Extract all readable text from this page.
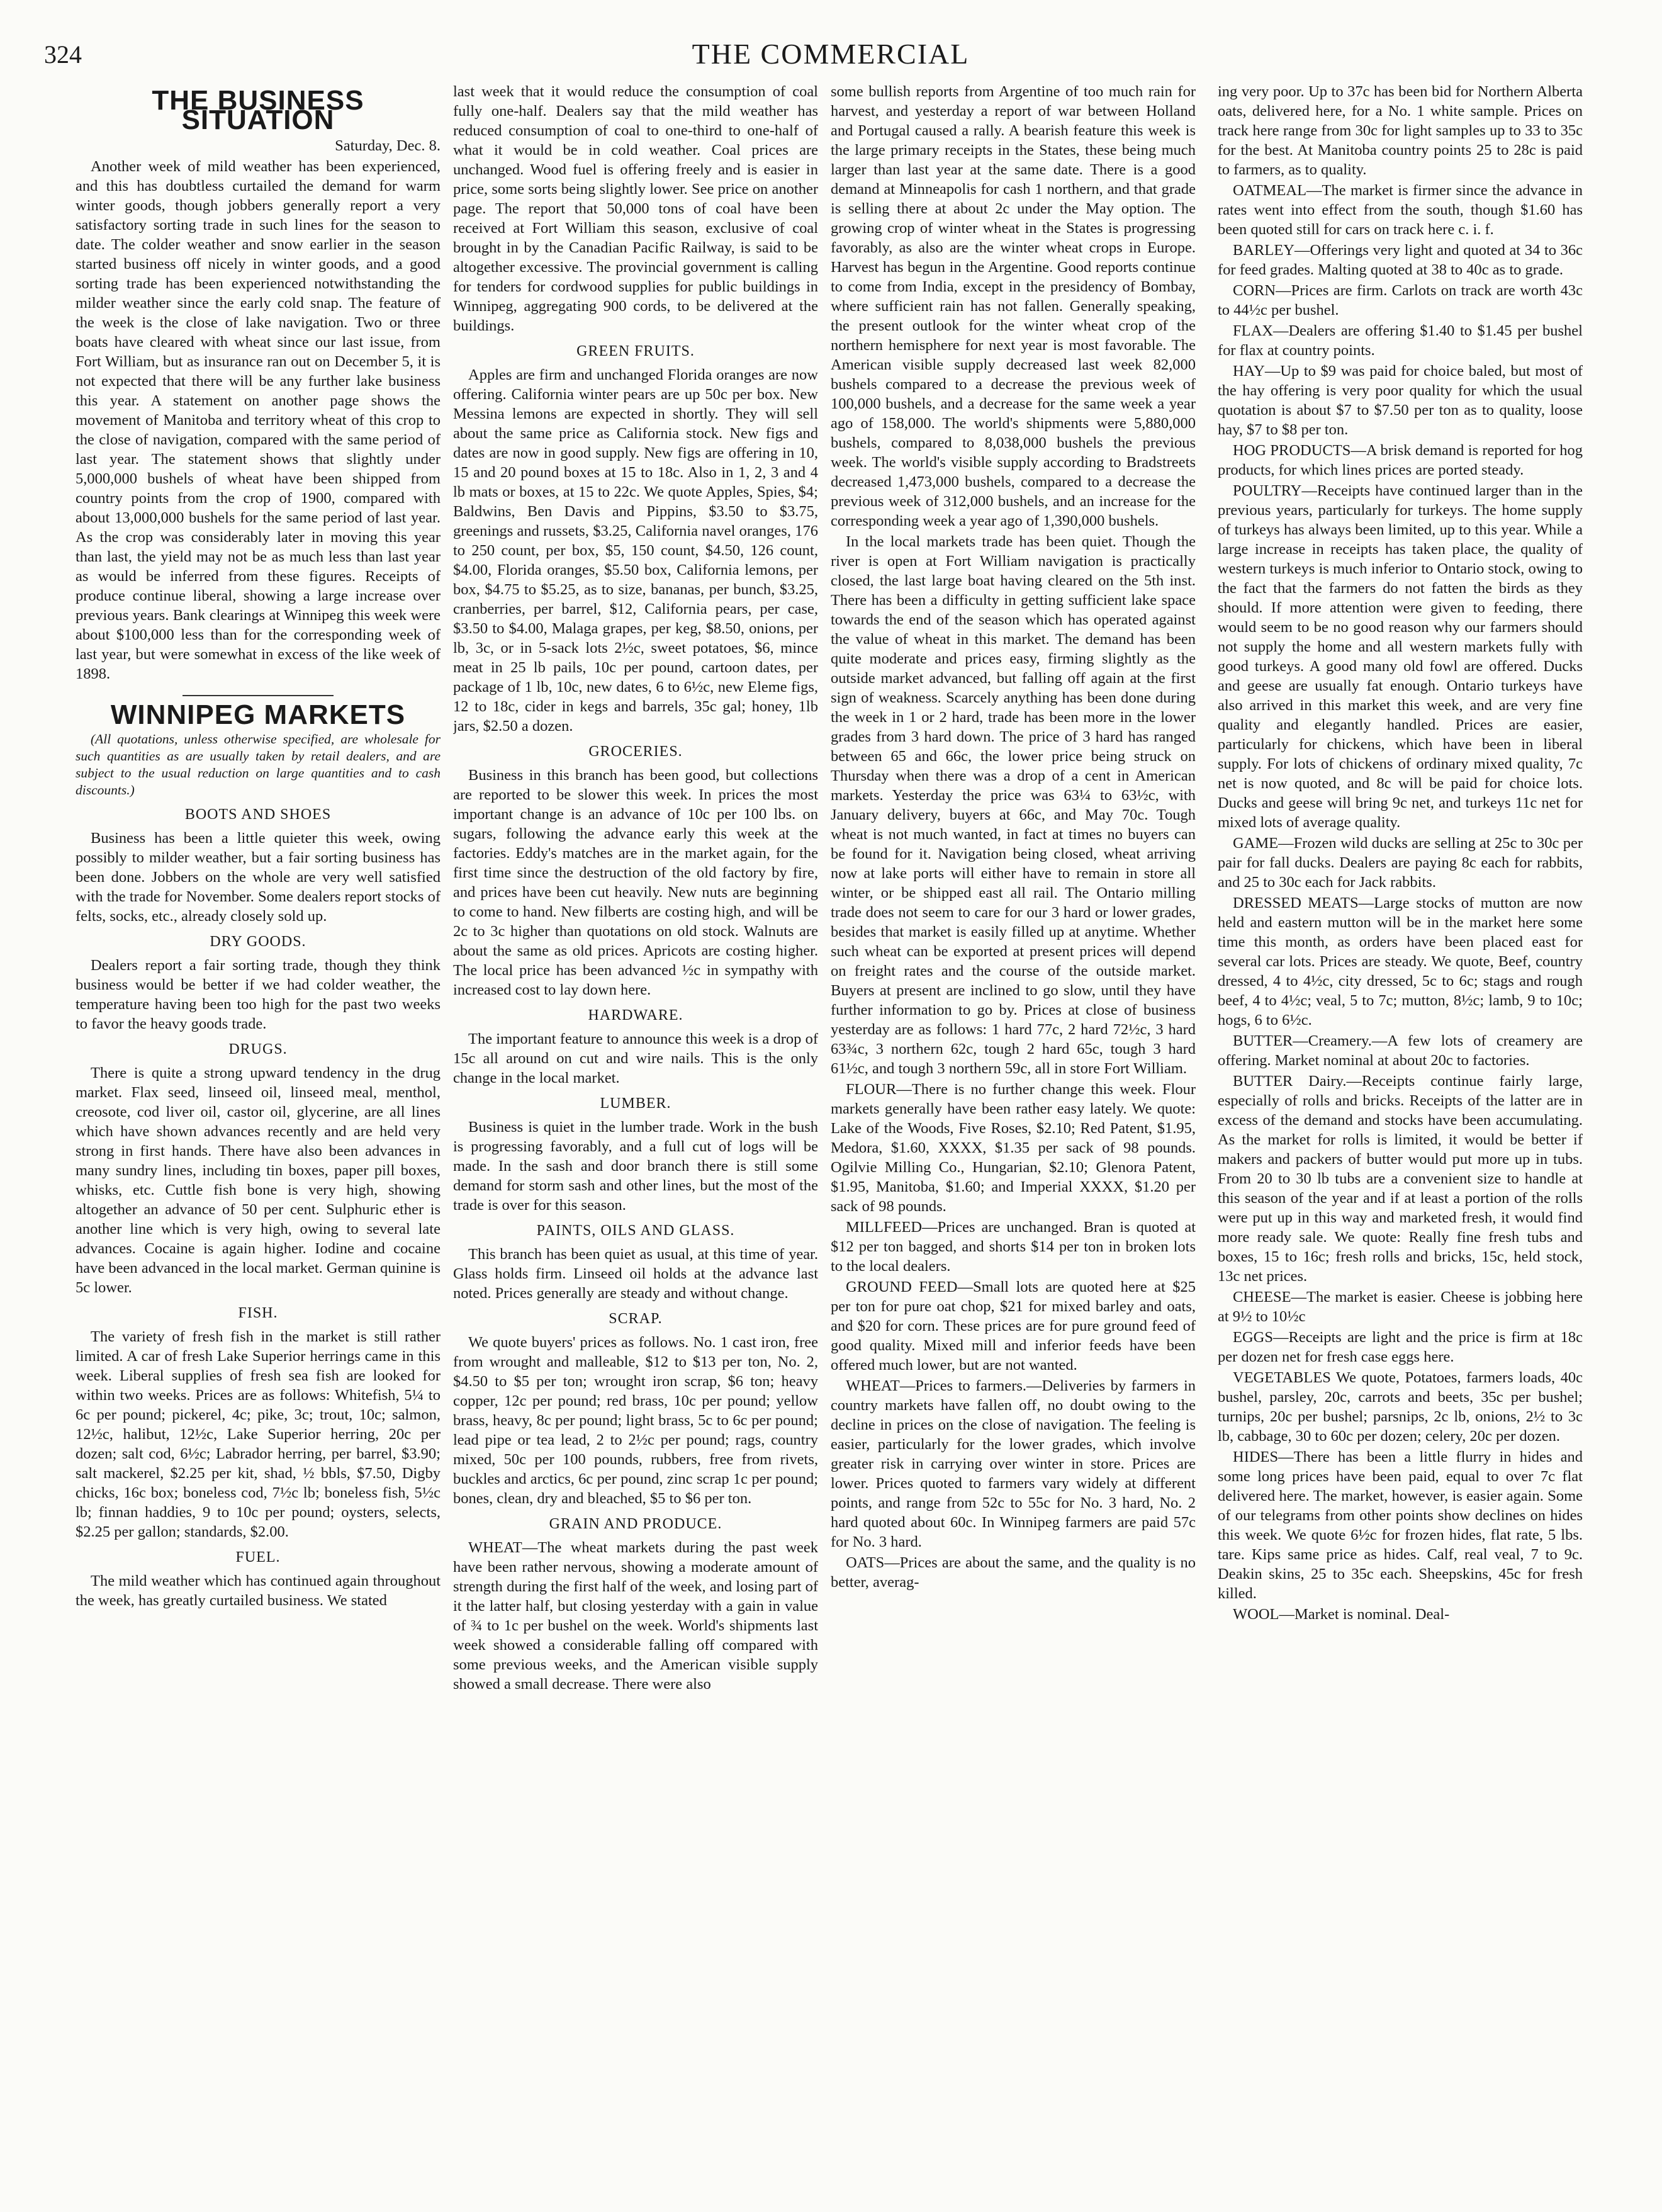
324	THE COMMERCIAL
THE BUSINESS SITUATION

Saturday, Dec. 8.

Another week of mild weather has been experienced, and this has doubtless curtailed the demand for warm winter goods, though jobbers generally report a very satisfactory sorting trade in such lines for the season to date. The colder weather and snow earlier in the season started business off nicely in winter goods, and a good sorting trade has been experienced notwithstanding the milder weather since the early cold snap. The feature of the week is the close of lake navigation. Two or three boats have cleared with wheat since our last issue, from Fort William, but as insurance ran out on December 5, it is not expected that there will be any further lake business this year. A statement on another page shows the movement of Manitoba and territory wheat of this crop to the close of navigation, compared with the same period of last year. The statement shows that slightly under 5,000,000 bushels of wheat have been shipped from country points from the crop of 1900, compared with about 13,000,000 bushels for the same period of last year. As the crop was considerably later in moving this year than last, the yield may not be as much less than last year as would be inferred from these figures. Receipts of produce continue liberal, showing a large increase over previous years. Bank clearings at Winnipeg this week were about $100,000 less than for the corresponding week of last year, but were somewhat in excess of the like week of 1898.

WINNIPEG MARKETS

(All quotations, unless otherwise specified, are wholesale for such quantities as are usually taken by retail dealers, and are subject to the usual reduction on large quantities and to cash discounts.)

BOOTS AND SHOES

Business has been a little quieter this week, owing possibly to milder weather, but a fair sorting business has been done. Jobbers on the whole are very well satisfied with the trade for November. Some dealers report stocks of felts, socks, etc., already closely sold up.

DRY GOODS.

Dealers report a fair sorting trade, though they think business would be better if we had colder weather, the temperature having been too high for the past two weeks to favor the heavy goods trade.

DRUGS.

There is quite a strong upward tendency in the drug market. Flax seed, linseed oil, linseed meal, menthol, creosote, cod liver oil, castor oil, glycerine, are all lines which have shown advances recently and are held very strong in first hands. There have also been advances in many sundry lines, including tin boxes, paper pill boxes, whisks, etc. Cuttle fish bone is very high, showing altogether an advance of 50 per cent. Sulphuric ether is another line which is very high, owing to several late advances. Cocaine is again higher. Iodine and cocaine have been advanced in the local market. German quinine is 5c lower.

FISH.

The variety of fresh fish in the market is still rather limited. A car of fresh Lake Superior herrings came in this week. Liberal supplies of fresh sea fish are looked for within two weeks. Prices are as follows: Whitefish, 5¼ to 6c per pound; pickerel, 4c; pike, 3c; trout, 10c; salmon, 12½c, halibut, 12½c, Lake Superior herring, 20c per dozen; salt cod, 6½c; Labrador herring, per barrel, $3.90; salt mackerel, $2.25 per kit, shad, ½ bbls, $7.50, Digby chicks, 16c box; boneless cod, 7½c lb; boneless fish, 5½c lb; finnan haddies, 9 to 10c per pound; oysters, selects, $2.25 per gallon; standards, $2.00.

FUEL.

The mild weather which has continued again throughout the week, has greatly curtailed business. We stated

last week that it would reduce the consumption of coal fully one-half. Dealers say that the mild weather has reduced consumption of coal to one-third to one-half of what it would be in cold weather. Coal prices are unchanged. Wood fuel is offering freely and is easier in price, some sorts being slightly lower. See price on another page. The report that 50,000 tons of coal have been received at Fort William this season, exclusive of coal brought in by the Canadian Pacific Railway, is said to be altogether excessive. The provincial government is calling for tenders for cordwood supplies for public buildings in Winnipeg, aggregating 900 cords, to be delivered at the buildings.

GREEN FRUITS.

Apples are firm and unchanged Florida oranges are now offering. California winter pears are up 50c per box. New Messina lemons are expected in shortly. They will sell about the same price as California stock. New figs and dates are now in good supply. New figs are offering in 10, 15 and 20 pound boxes at 15 to 18c. Also in 1, 2, 3 and 4 lb mats or boxes, at 15 to 22c. We quote Apples, Spies, $4; Baldwins, Ben Davis and Pippins, $3.50 to $3.75, greenings and russets, $3.25, California navel oranges, 176 to 250 count, per box, $5, 150 count, $4.50, 126 count, $4.00, Florida oranges, $5.50 box, California lemons, per box, $4.75 to $5.25, as to size, bananas, per bunch, $3.25, cranberries, per barrel, $12, California pears, per case, $3.50 to $4.00, Malaga grapes, per keg, $8.50, onions, per lb, 3c, or in 5-sack lots 2½c, sweet potatoes, $6, mince meat in 25 lb pails, 10c per pound, cartoon dates, per package of 1 lb, 10c, new dates, 6 to 6½c, new Eleme figs, 12 to 18c, cider in kegs and barrels, 35c gal; honey, 1lb jars, $2.50 a dozen.

GROCERIES.

Business in this branch has been good, but collections are reported to be slower this week. In prices the most important change is an advance of 10c per 100 lbs. on sugars, following the advance early this week at the factories. Eddy's matches are in the market again, for the first time since the destruction of the old factory by fire, and prices have been cut heavily. New nuts are beginning to come to hand. New filberts are costing high, and will be 2c to 3c higher than quotations on old stock. Walnuts are about the same as old prices. Apricots are costing higher. The local price has been advanced ½c in sympathy with increased cost to lay down here.

HARDWARE.

The important feature to announce this week is a drop of 15c all around on cut and wire nails. This is the only change in the local market.

LUMBER.

Business is quiet in the lumber trade. Work in the bush is progressing favorably, and a full cut of logs will be made. In the sash and door branch there is still some demand for storm sash and other lines, but the most of the trade is over for this season.

PAINTS, OILS AND GLASS.

This branch has been quiet as usual, at this time of year. Glass holds firm. Linseed oil holds at the advance last noted. Prices generally are steady and without change.

SCRAP.

We quote buyers' prices as follows. No. 1 cast iron, free from wrought and malleable, $12 to $13 per ton, No. 2, $4.50 to $5 per ton; wrought iron scrap, $6 ton; heavy copper, 12c per pound; red brass, 10c per pound; yellow brass, heavy, 8c per pound; light brass, 5c to 6c per pound; lead pipe or tea lead, 2 to 2½c per pound; rags, country mixed, 50c per 100 pounds, rubbers, free from rivets, buckles and arctics, 6c per pound, zinc scrap 1c per pound; bones, clean, dry and bleached, $5 to $6 per ton.

GRAIN AND PRODUCE.

WHEAT—The wheat markets during the past week have been rather nervous, showing a moderate amount of strength during the first half of the week, and losing part of it the latter half, but closing yesterday with a gain in value of ¾ to 1c per bushel on the week. World's shipments last week showed a considerable falling off compared with some previous weeks, and the American visible supply showed a small decrease. There were also

some bullish reports from Argentine of too much rain for harvest, and yesterday a report of war between Holland and Portugal caused a rally. A bearish feature this week is the large primary receipts in the States, these being much larger than last year at the same date. There is a good demand at Minneapolis for cash 1 northern, and that grade is selling there at about 2c under the May option. The growing crop of winter wheat in the States is progressing favorably, as also are the winter wheat crops in Europe. Harvest has begun in the Argentine. Good reports continue to come from India, except in the presidency of Bombay, where sufficient rain has not fallen. Generally speaking, the present outlook for the winter wheat crop of the northern hemisphere for next year is most favorable. The American visible supply decreased last week 82,000 bushels compared to a decrease the previous week of 100,000 bushels, and a decrease for the same week a year ago of 158,000. The world's shipments were 5,880,000 bushels, compared to 8,038,000 bushels the previous week. The world's visible supply according to Bradstreets decreased 1,473,000 bushels, compared to a decrease the previous week of 312,000 bushels, and an increase for the corresponding week a year ago of 1,390,000 bushels.

In the local markets trade has been quiet. Though the river is open at Fort William navigation is practically closed, the last large boat having cleared on the 5th inst. There has been a difficulty in getting sufficient lake space towards the end of the season which has operated against the value of wheat in this market. The demand has been quite moderate and prices easy, firming slightly as the outside market advanced, but falling off again at the first sign of weakness. Scarcely anything has been done during the week in 1 or 2 hard, trade has been more in the lower grades from 3 hard down. The price of 3 hard has ranged between 65 and 66c, the lower price being struck on Thursday when there was a drop of a cent in American markets. Yesterday the price was 63¼ to 63½c, with January delivery, buyers at 66c, and May 70c. Tough wheat is not much wanted, in fact at times no buyers can be found for it. Navigation being closed, wheat arriving now at lake ports will either have to remain in store all winter, or be shipped east all rail. The Ontario milling trade does not seem to care for our 3 hard or lower grades, besides that market is easily filled up at anytime. Whether such wheat can be exported at present prices will depend on freight rates and the course of the outside market. Buyers at present are inclined to go slow, until they have further information to go by. Prices at close of business yesterday are as follows: 1 hard 77c, 2 hard 72½c, 3 hard 63¾c, 3 northern 62c, tough 2 hard 65c, tough 3 hard 61½c, and tough 3 northern 59c, all in store Fort William.

FLOUR—There is no further change this week. Flour markets generally have been rather easy lately. We quote: Lake of the Woods, Five Roses, $2.10; Red Patent, $1.95, Medora, $1.60, XXXX, $1.35 per sack of 98 pounds. Ogilvie Milling Co., Hungarian, $2.10; Glenora Patent, $1.95, Manitoba, $1.60; and Imperial XXXX, $1.20 per sack of 98 pounds.

MILLFEED—Prices are unchanged. Bran is quoted at $12 per ton bagged, and shorts $14 per ton in broken lots to the local dealers.

GROUND FEED—Small lots are quoted here at $25 per ton for pure oat chop, $21 for mixed barley and oats, and $20 for corn. These prices are for pure ground feed of good quality. Mixed mill and inferior feeds have been offered much lower, but are not wanted.

WHEAT—Prices to farmers.—Deliveries by farmers in country markets have fallen off, no doubt owing to the decline in prices on the close of navigation. The feeling is easier, particularly for the lower grades, which involve greater risk in carrying over winter in store. Prices are lower. Prices quoted to farmers vary widely at different points, and range from 52c to 55c for No. 3 hard, No. 2 hard quoted about 60c. In Winnipeg farmers are paid 57c for No. 3 hard.

OATS—Prices are about the same, and the quality is no better, averag-

ing very poor. Up to 37c has been bid for Northern Alberta oats, delivered here, for a No. 1 white sample. Prices on track here range from 30c for light samples up to 33 to 35c for the best. At Manitoba country points 25 to 28c is paid to farmers, as to quality.

OATMEAL—The market is firmer since the advance in rates went into effect from the south, though $1.60 has been quoted still for cars on track here c. i. f.

BARLEY—Offerings very light and quoted at 34 to 36c for feed grades. Malting quoted at 38 to 40c as to grade.

CORN—Prices are firm. Carlots on track are worth 43c to 44½c per bushel.

FLAX—Dealers are offering $1.40 to $1.45 per bushel for flax at country points.

HAY—Up to $9 was paid for choice baled, but most of the hay offering is very poor quality for which the usual quotation is about $7 to $7.50 per ton as to quality, loose hay, $7 to $8 per ton.

HOG PRODUCTS—A brisk demand is reported for hog products, for which lines prices are ported steady.

POULTRY—Receipts have continued larger than in the previous years, particularly for turkeys. The home supply of turkeys has always been limited, up to this year. While a large increase in receipts has taken place, the quality of western turkeys is much inferior to Ontario stock, owing to the fact that the farmers do not fatten the birds as they should. If more attention were given to feeding, there would seem to be no good reason why our farmers should not supply the home and all western markets fully with good turkeys. A good many old fowl are offered. Ducks and geese are usually fat enough. Ontario turkeys have also arrived in this market this week, and are very fine quality and elegantly handled. Prices are easier, particularly for chickens, which have been in liberal supply. For lots of chickens of ordinary mixed quality, 7c net is now quoted, and 8c will be paid for choice lots. Ducks and geese will bring 9c net, and turkeys 11c net for mixed lots of average quality.

GAME—Frozen wild ducks are selling at 25c to 30c per pair for fall ducks. Dealers are paying 8c each for rabbits, and 25 to 30c each for Jack rabbits.

DRESSED MEATS—Large stocks of mutton are now held and eastern mutton will be in the market here some time this month, as orders have been placed east for several car lots. Prices are steady. We quote, Beef, country dressed, 4 to 4½c, city dressed, 5c to 6c; stags and rough beef, 4 to 4½c; veal, 5 to 7c; mutton, 8½c; lamb, 9 to 10c; hogs, 6 to 6½c.

BUTTER—Creamery.—A few lots of creamery are offering. Market nominal at about 20c to factories.

BUTTER Dairy.—Receipts continue fairly large, especially of rolls and bricks. Receipts of the latter are in excess of the demand and stocks have been accumulating. As the market for rolls is limited, it would be better if makers and packers of butter would put more up in tubs. From 20 to 30 lb tubs are a convenient size to handle at this season of the year and if at least a portion of the rolls were put up in this way and marketed fresh, it would find more ready sale. We quote: Really fine fresh tubs and boxes, 15 to 16c; fresh rolls and bricks, 15c, held stock, 13c net prices.

CHEESE—The market is easier. Cheese is jobbing here at 9½ to 10½c

EGGS—Receipts are light and the price is firm at 18c per dozen net for fresh case eggs here.

VEGETABLES We quote, Potatoes, farmers loads, 40c bushel, parsley, 20c, carrots and beets, 35c per bushel; turnips, 20c per bushel; parsnips, 2c lb, onions, 2½ to 3c lb, cabbage, 30 to 60c per dozen; celery, 20c per dozen.

HIDES—There has been a little flurry in hides and some long prices have been paid, equal to over 7c flat delivered here. The market, however, is easier again. Some of our telegrams from other points show declines on hides this week. We quote 6½c for frozen hides, flat rate, 5 lbs. tare. Kips same price as hides. Calf, real veal, 7 to 9c. Deakin skins, 25 to 35c each. Sheepskins, 45c for fresh killed.

WOOL—Market is nominal. Deal-
